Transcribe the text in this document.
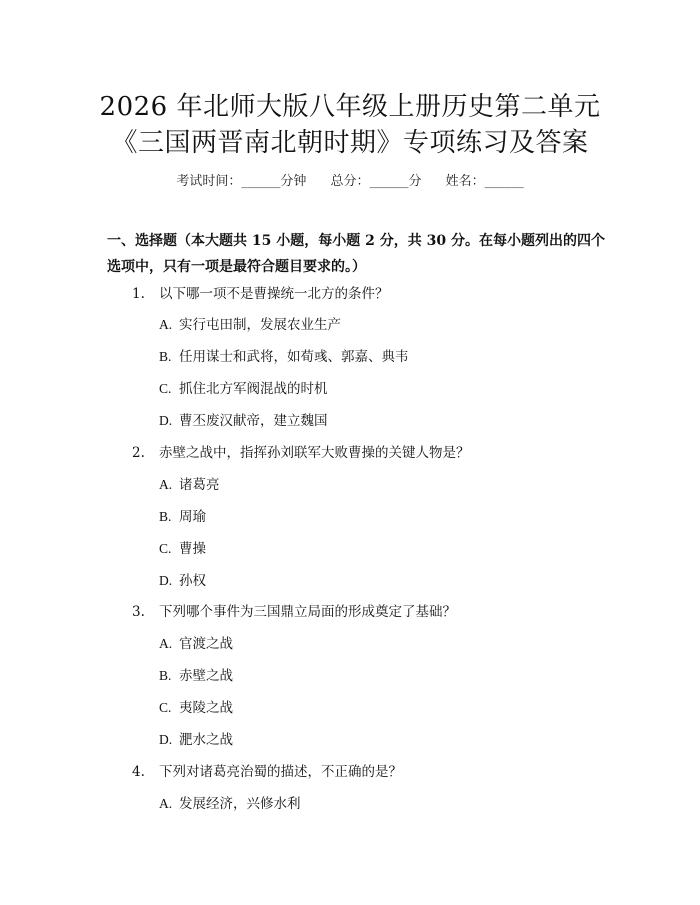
2026 年北师大版八年级上册历史第二单元
《三国两晋南北朝时期》专项练习及答案
考试时间：______分钟 总分：______分 姓名：______
一、选择题（本大题共 15 小题，每小题 2 分，共 30 分。在每小题列出的四个选项中，只有一项是最符合题目要求的。）
1. 以下哪一项不是曹操统一北方的条件？
A. 实行屯田制，发展农业生产
B. 任用谋士和武将，如荀彧、郭嘉、典韦
C. 抓住北方军阀混战的时机
D. 曹丕废汉献帝，建立魏国
2. 赤壁之战中，指挥孙刘联军大败曹操的关键人物是？
A. 诸葛亮
B. 周瑜
C. 曹操
D. 孙权
3. 下列哪个事件为三国鼎立局面的形成奠定了基础？
A. 官渡之战
B. 赤壁之战
C. 夷陵之战
D. 淝水之战
4. 下列对诸葛亮治蜀的描述，不正确的是？
A. 发展经济，兴修水利
